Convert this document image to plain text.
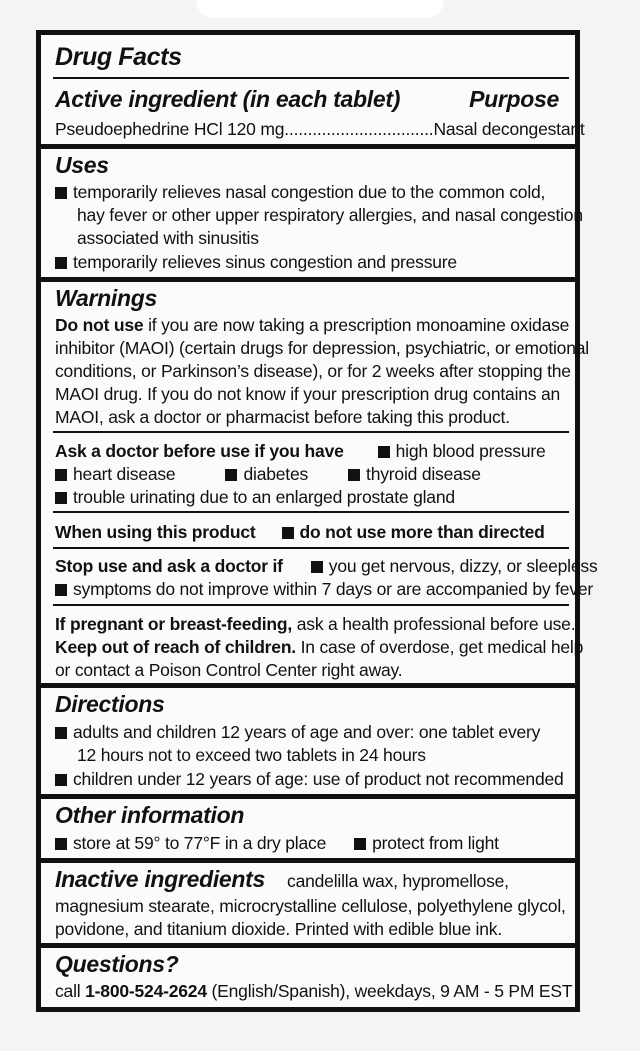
Drug Facts
Active ingredient (in each tablet)	Purpose
Pseudoephedrine HCl 120 mg................................Nasal decongestant
Uses
temporarily relieves nasal congestion due to the common cold,
hay fever or other upper respiratory allergies, and nasal congestion
associated with sinusitis
temporarily relieves sinus congestion and pressure
Warnings
Do not use if you are now taking a prescription monoamine oxidase
inhibitor (MAOI) (certain drugs for depression, psychiatric, or emotional
conditions, or Parkinson’s disease), or for 2 weeks after stopping the
MAOI drug. If you do not know if your prescription drug contains an
MAOI, ask a doctor or pharmacist before taking this product.
Ask a doctor before use if you have	high blood pressure
heart disease	diabetes	thyroid disease
trouble urinating due to an enlarged prostate gland
When using this product	do not use more than directed
Stop use and ask a doctor if	you get nervous, dizzy, or sleepless
symptoms do not improve within 7 days or are accompanied by fever
If pregnant or breast-feeding, ask a health professional before use.
Keep out of reach of children. In case of overdose, get medical help
or contact a Poison Control Center right away.
Directions
adults and children 12 years of age and over: one tablet every
12 hours not to exceed two tablets in 24 hours
children under 12 years of age: use of product not recommended
Other information
store at 59° to 77°F in a dry place	protect from light
Inactive ingredients candelilla wax, hypromellose,
magnesium stearate, microcrystalline cellulose, polyethylene glycol,
povidone, and titanium dioxide. Printed with edible blue ink.
Questions?
call 1-800-524-2624 (English/Spanish), weekdays, 9 AM - 5 PM EST
